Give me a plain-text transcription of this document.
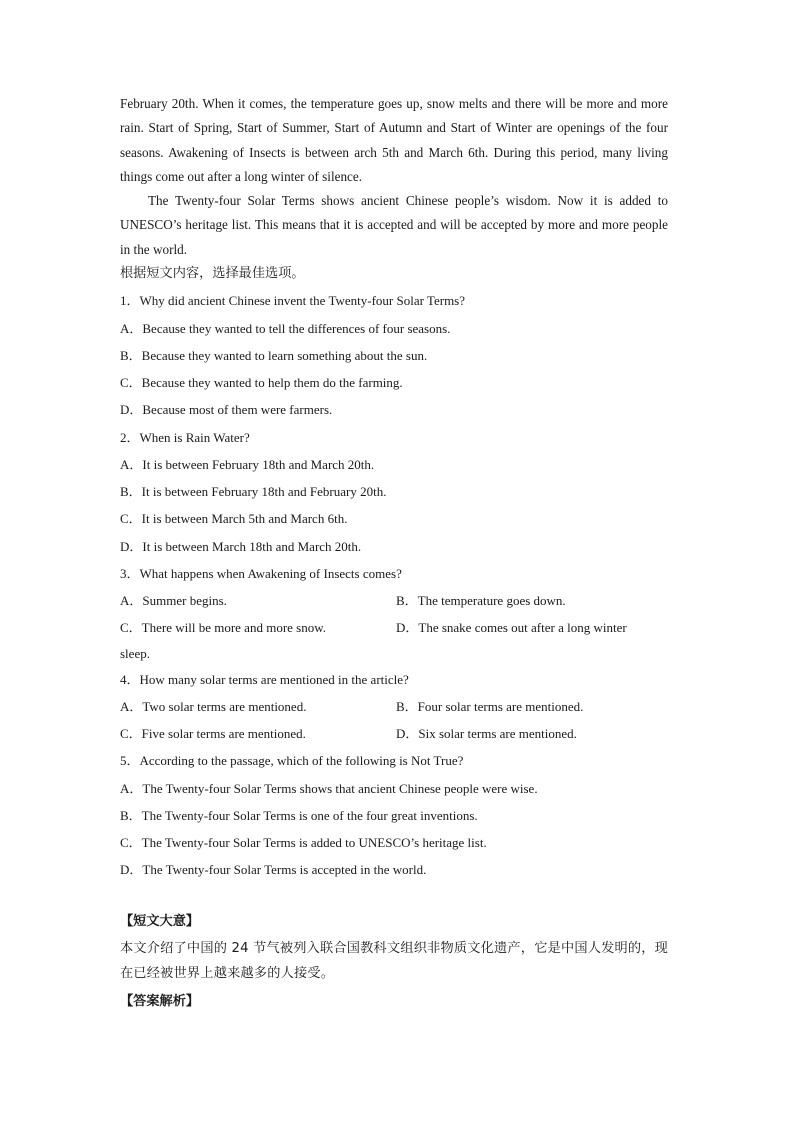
February 20th. When it comes, the temperature goes up, snow melts and there will be more and more rain. Start of Spring, Start of Summer, Start of Autumn and Start of Winter are openings of the four seasons. Awakening of Insects is between arch 5th and March 6th. During this period, many living things come out after a long winter of silence.

The Twenty-four Solar Terms shows ancient Chinese people’s wisdom. Now it is added to UNESCO’s heritage list. This means that it is accepted and will be accepted by more and more people in the world.

根据短文内容，选择最佳选项。

1．Why did ancient Chinese invent the Twenty-four Solar Terms?

A．Because they wanted to tell the differences of four seasons.

B．Because they wanted to learn something about the sun.

C．Because they wanted to help them do the farming.

D．Because most of them were farmers.

2．When is Rain Water?

A．It is between February 18th and March 20th.

B．It is between February 18th and February 20th.

C．It is between March 5th and March 6th.

D．It is between March 18th and March 20th.

3．What happens when Awakening of Insects comes?

A．Summer begins.	B．The temperature goes down.

C．There will be more and more snow.	D．The snake comes out after a long winter

sleep.

4．How many solar terms are mentioned in the article?

A．Two solar terms are mentioned.	B．Four solar terms are mentioned.

C．Five solar terms are mentioned.	D．Six solar terms are mentioned.

5．According to the passage, which of the following is Not True?

A．The Twenty-four Solar Terms shows that ancient Chinese people were wise.

B．The Twenty-four Solar Terms is one of the four great inventions.

C．The Twenty-four Solar Terms is added to UNESCO’s heritage list.

D．The Twenty-four Solar Terms is accepted in the world.

【短文大意】

本文介绍了中国的 24 节气被列入联合国教科文组织非物质文化遗产，它是中国人发明的，现在已经被世界上越来越多的人接受。

【答案解析】
